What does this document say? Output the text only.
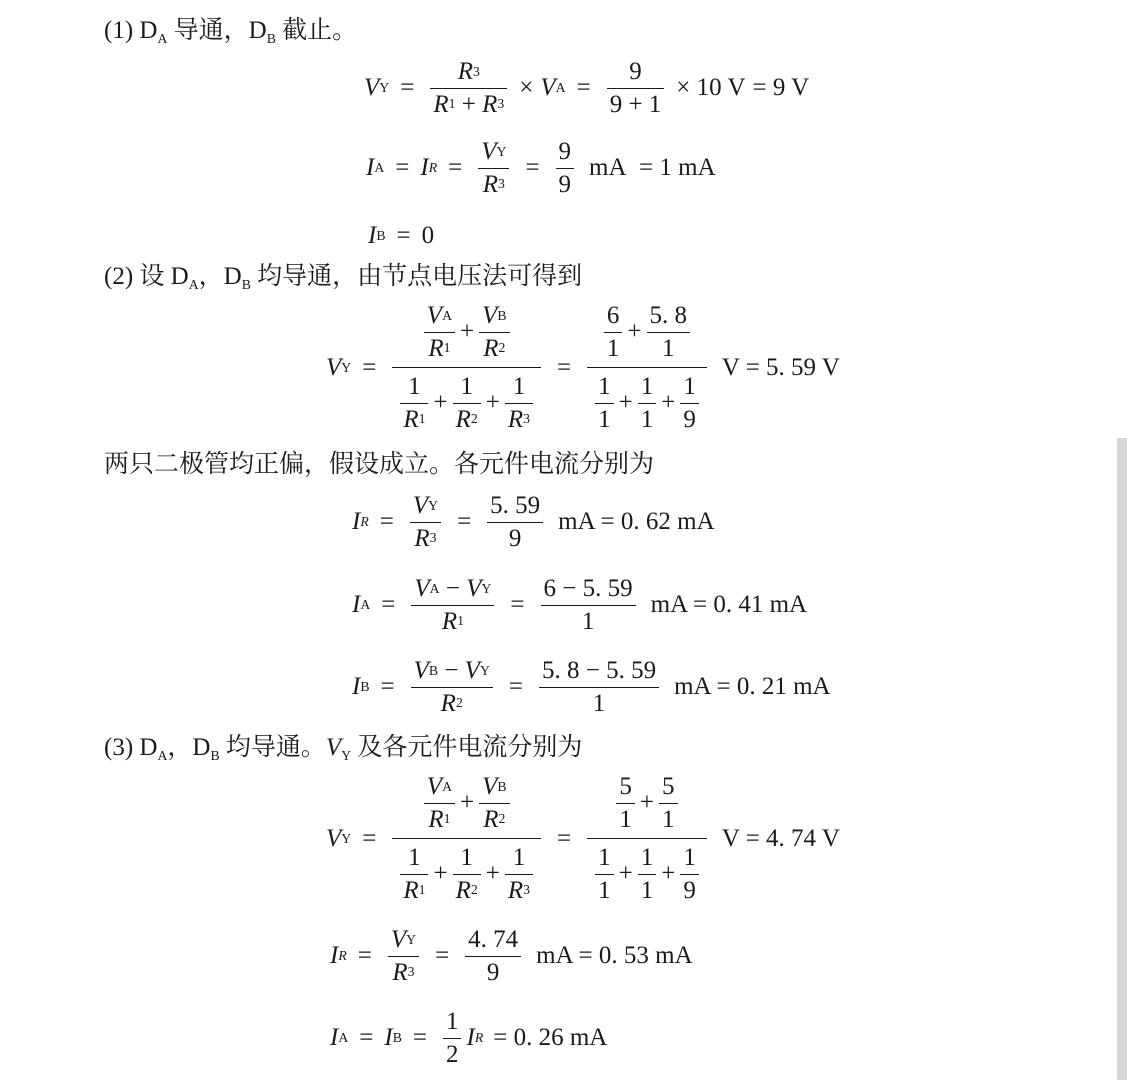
(1) $D_A$ 导通，$D_B$ 截止。
V $Y = \frac{R 3}{R 1 + R 3} \times V$ $A = \frac{9}{9 + 1} \times 10$ V = 9 V
I A = I $R = \frac{\text{V Y}}{R 3} = \frac{9}{9}$ mA
= 1 mA
I B = 0
(2) 设 $D_A$，$D_B$ 均导通，由节点电压法可得到
V $Y = \frac{\frac{\text{V A}}{R 1} + \frac{\text{V B}}{R 2}}{\frac{1}{R 1} + \frac{1}{R 2} + \frac{1}{R 3}} = \frac{\frac{6}{1} + \frac{5. 8}{1}}{\frac{1}{1} + \frac{1}{1} + \frac{1}{9}}$ V = 5. 59 V
两只二极管均正偏，假设成立。各元件电流分别为
I $R = \frac{\text{V Y}}{R 3} = \frac{5. 59}{9}$ mA = 0. 62 mA
I $A = \frac{\text{V A − V Y}}{R 1} = \frac{6 - 5. 59}{1}$ mA = 0. 41 mA
I $B = \frac{\text{V B − V Y}}{R 2} = \frac{5. 8 - 5. 59}{1}$ mA = 0. 21 mA
(3) $D_A$，$D_B$ 均导通。$V_Y$ 及各元件电流分别为
V $Y = \frac{\frac{\text{V A}}{R 1} + \frac{\text{V B}}{R 2}}{\frac{1}{R 1} + \frac{1}{R 2} + \frac{1}{R 3}} = \frac{\frac{5}{1} + \frac{5}{1}}{\frac{1}{1} + \frac{1}{1} + \frac{1}{9}}$ V = 4. 74 V
I $R = \frac{\text{V Y}}{R 3} = \frac{4. 74}{9}$ mA = 0. 53 mA
I A = I $B = \frac{1}{2}$ I R = 0. 26 mA
